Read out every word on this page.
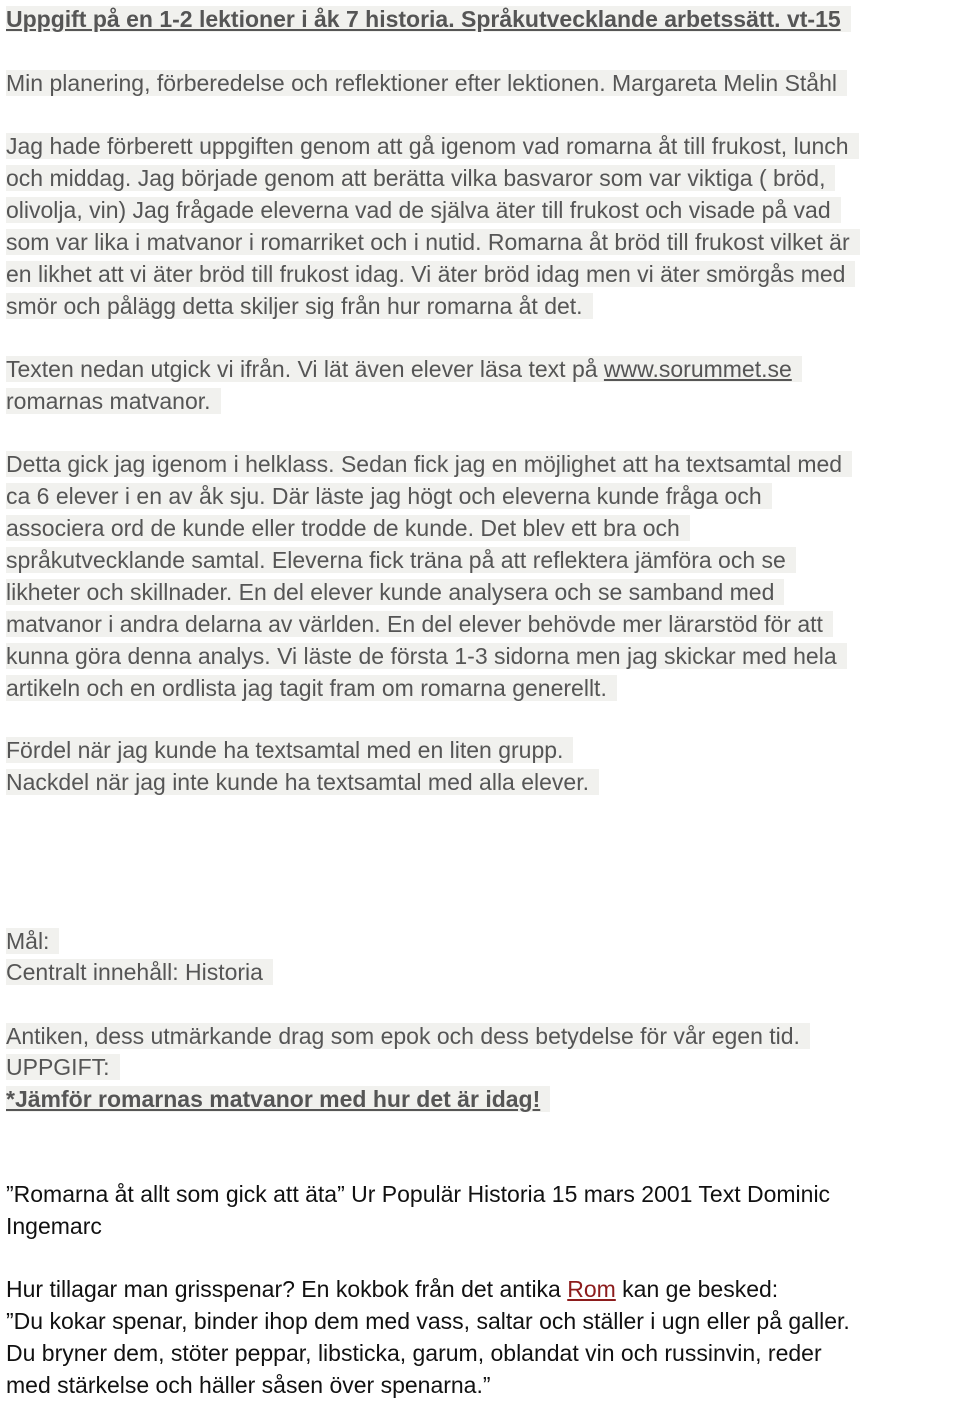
Uppgift på en 1-2 lektioner i åk 7 historia. Språkutvecklande arbetssätt. vt-15
Min planering, förberedelse och reflektioner efter lektionen. Margareta Melin Ståhl
Jag hade förberett uppgiften genom att gå igenom vad romarna åt till frukost, lunch
och middag. Jag började genom att berätta vilka basvaror som var viktiga ( bröd,
olivolja, vin) Jag frågade eleverna vad de själva äter till frukost och visade på vad
som var lika i matvanor i romarriket och i nutid. Romarna åt bröd till frukost vilket är
en likhet att vi äter bröd till frukost idag. Vi äter bröd idag men vi äter smörgås med
smör och pålägg detta skiljer sig från hur romarna åt det.
Texten nedan utgick vi ifrån. Vi lät även elever läsa text på www.sorummet.se
romarnas matvanor.
Detta gick jag igenom i helklass. Sedan fick jag en möjlighet att ha textsamtal med
ca 6 elever i en av åk sju. Där läste jag högt och eleverna kunde fråga och
associera ord de kunde eller trodde de kunde. Det blev ett bra och
språkutvecklande samtal. Eleverna fick träna på att reflektera jämföra och se
likheter och skillnader. En del elever kunde analysera och se samband med
matvanor i andra delarna av världen. En del elever behövde mer lärarstöd för att
kunna göra denna analys. Vi läste de första 1-3 sidorna men jag skickar med hela
artikeln och en ordlista jag tagit fram om romarna generellt.
Fördel när jag kunde ha textsamtal med en liten grupp.
Nackdel när jag inte kunde ha textsamtal med alla elever.
Mål:
Centralt innehåll: Historia
Antiken, dess utmärkande drag som epok och dess betydelse för vår egen tid.
UPPGIFT:
*Jämför romarnas matvanor med hur det är idag!
”Romarna åt allt som gick att äta” Ur Populär Historia 15 mars 2001 Text Dominic
Ingemarc
Hur tillagar man grisspenar? En kokbok från det antika Rom kan ge besked:
”Du kokar spenar, binder ihop dem med vass, saltar och ställer i ugn eller på galler.
Du bryner dem, stöter peppar, libsticka, garum, oblandat vin och russinvin, reder
med stärkelse och häller såsen över spenarna.”
